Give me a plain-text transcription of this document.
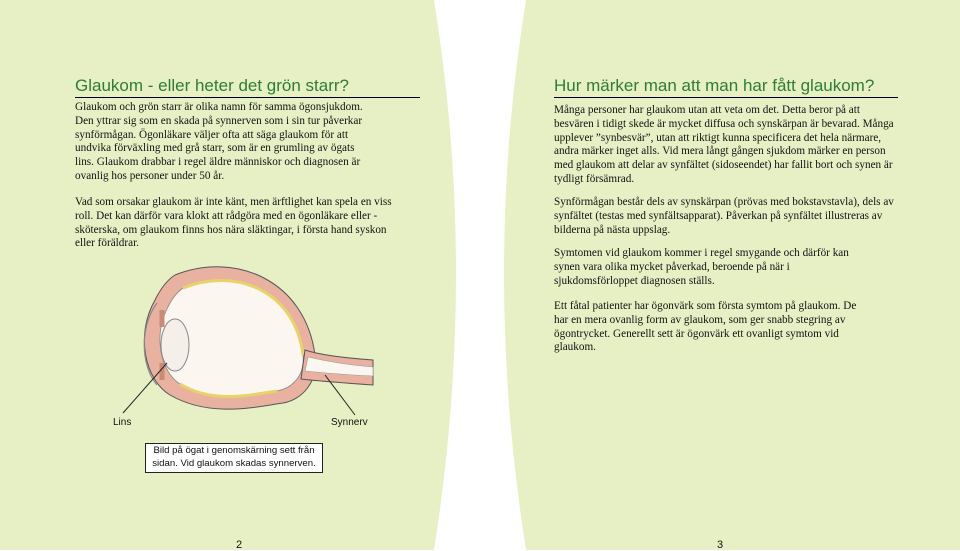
Glaukom - eller heter det grön starr?

Glaukom och grön starr är olika namn för samma ögonsjukdom. Den yttrar sig som en skada på synnerven som i sin tur påverkar synförmågan. Ögonläkare väljer ofta att säga glaukom för att undvika förväxling med grå starr, som är en grumling av ögats lins. Glaukom drabbar i regel äldre människor och diagnosen är ovanlig hos personer under 50 år.

Vad som orsakar glaukom är inte känt, men ärftlighet kan spela en viss roll. Det kan därför vara klokt att rådgöra med en ögonläkare eller -sköterska, om glaukom finns hos nära släktingar, i första hand syskon eller föräldrar.

Lins	Synnerv
Bild på ögat i genomskärning sett från sidan. Vid glaukom skadas synnerven.
2
Hur märker man att man har fått glaukom?

Många personer har glaukom utan att veta om det. Detta beror på att besvären i tidigt skede är mycket diffusa och synskärpan är bevarad. Många upplever ”synbesvär”, utan att riktigt kunna specificera det hela närmare, andra märker inget alls. Vid mera långt gången sjukdom märker en person med glaukom att delar av synfältet (sidoseendet) har fallit bort och synen är tydligt försämrad.

Synförmågan består dels av synskärpan (prövas med bokstavstavla), dels av synfältet (testas med synfältsapparat). Påverkan på synfältet illustreras av bilderna på nästa uppslag.

Symtomen vid glaukom kommer i regel smygande och därför kan synen vara olika mycket påverkad, beroende på när i sjukdomsförloppet diagnosen ställs.

Ett fåtal patienter har ögonvärk som första symtom på glaukom. De har en mera ovanlig form av glaukom, som ger snabb stegring av ögontrycket. Generellt sett är ögonvärk ett ovanligt symtom vid glaukom.

3
